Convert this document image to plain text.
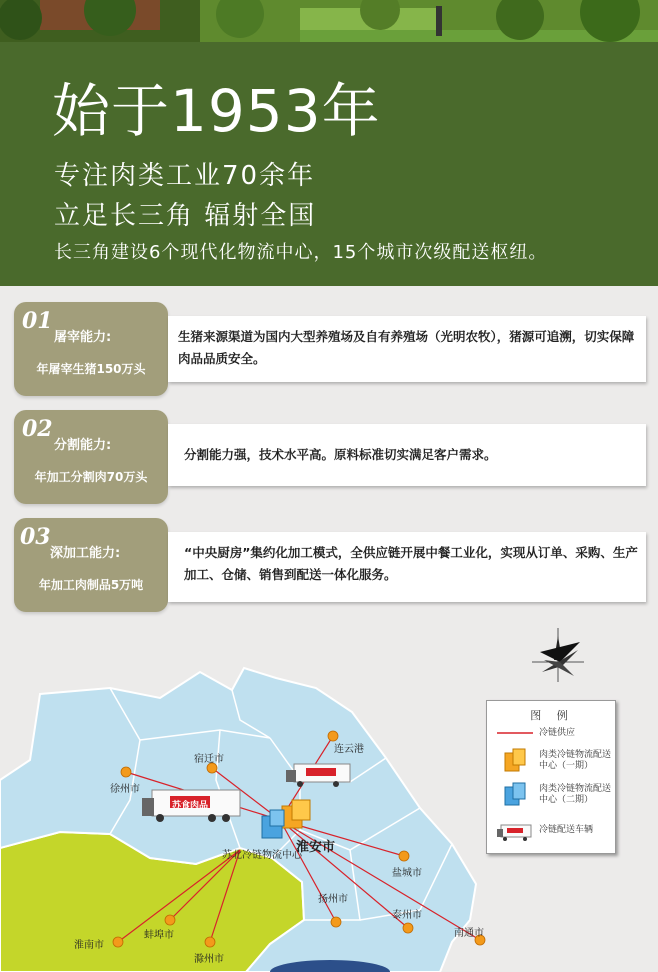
始于1953年
专注肉类工业70余年
立足长三角 辐射全国
长三角建设6个现代化物流中心，15个城市次级配送枢纽。
01
屠宰能力:
年屠宰生猪150万头
生猪来源渠道为国内大型养殖场及自有养殖场（光明农牧），猪源可追溯，切实保障肉品品质安全。
02
分割能力:
年加工分割肉70万头
分割能力强，技术水平高。原料标准切实满足客户需求。
03
深加工能力:
年加工肉制品5万吨
“中央厨房”集约化加工模式，全供应链开展中餐工业化，实现从订单、采购、生产加工、仓储、销售到配送一体化服务。
苏食肉品
连云港
宿迁市
徐州市
淮安市
苏北冷链物流中心
盐城市
扬州市
泰州市
南通市
淮南市
蚌埠市
滁州市
图 例
冷链供应
肉类冷链物流配送中心（一期）
肉类冷链物流配送中心（二期）
冷链配送车辆
